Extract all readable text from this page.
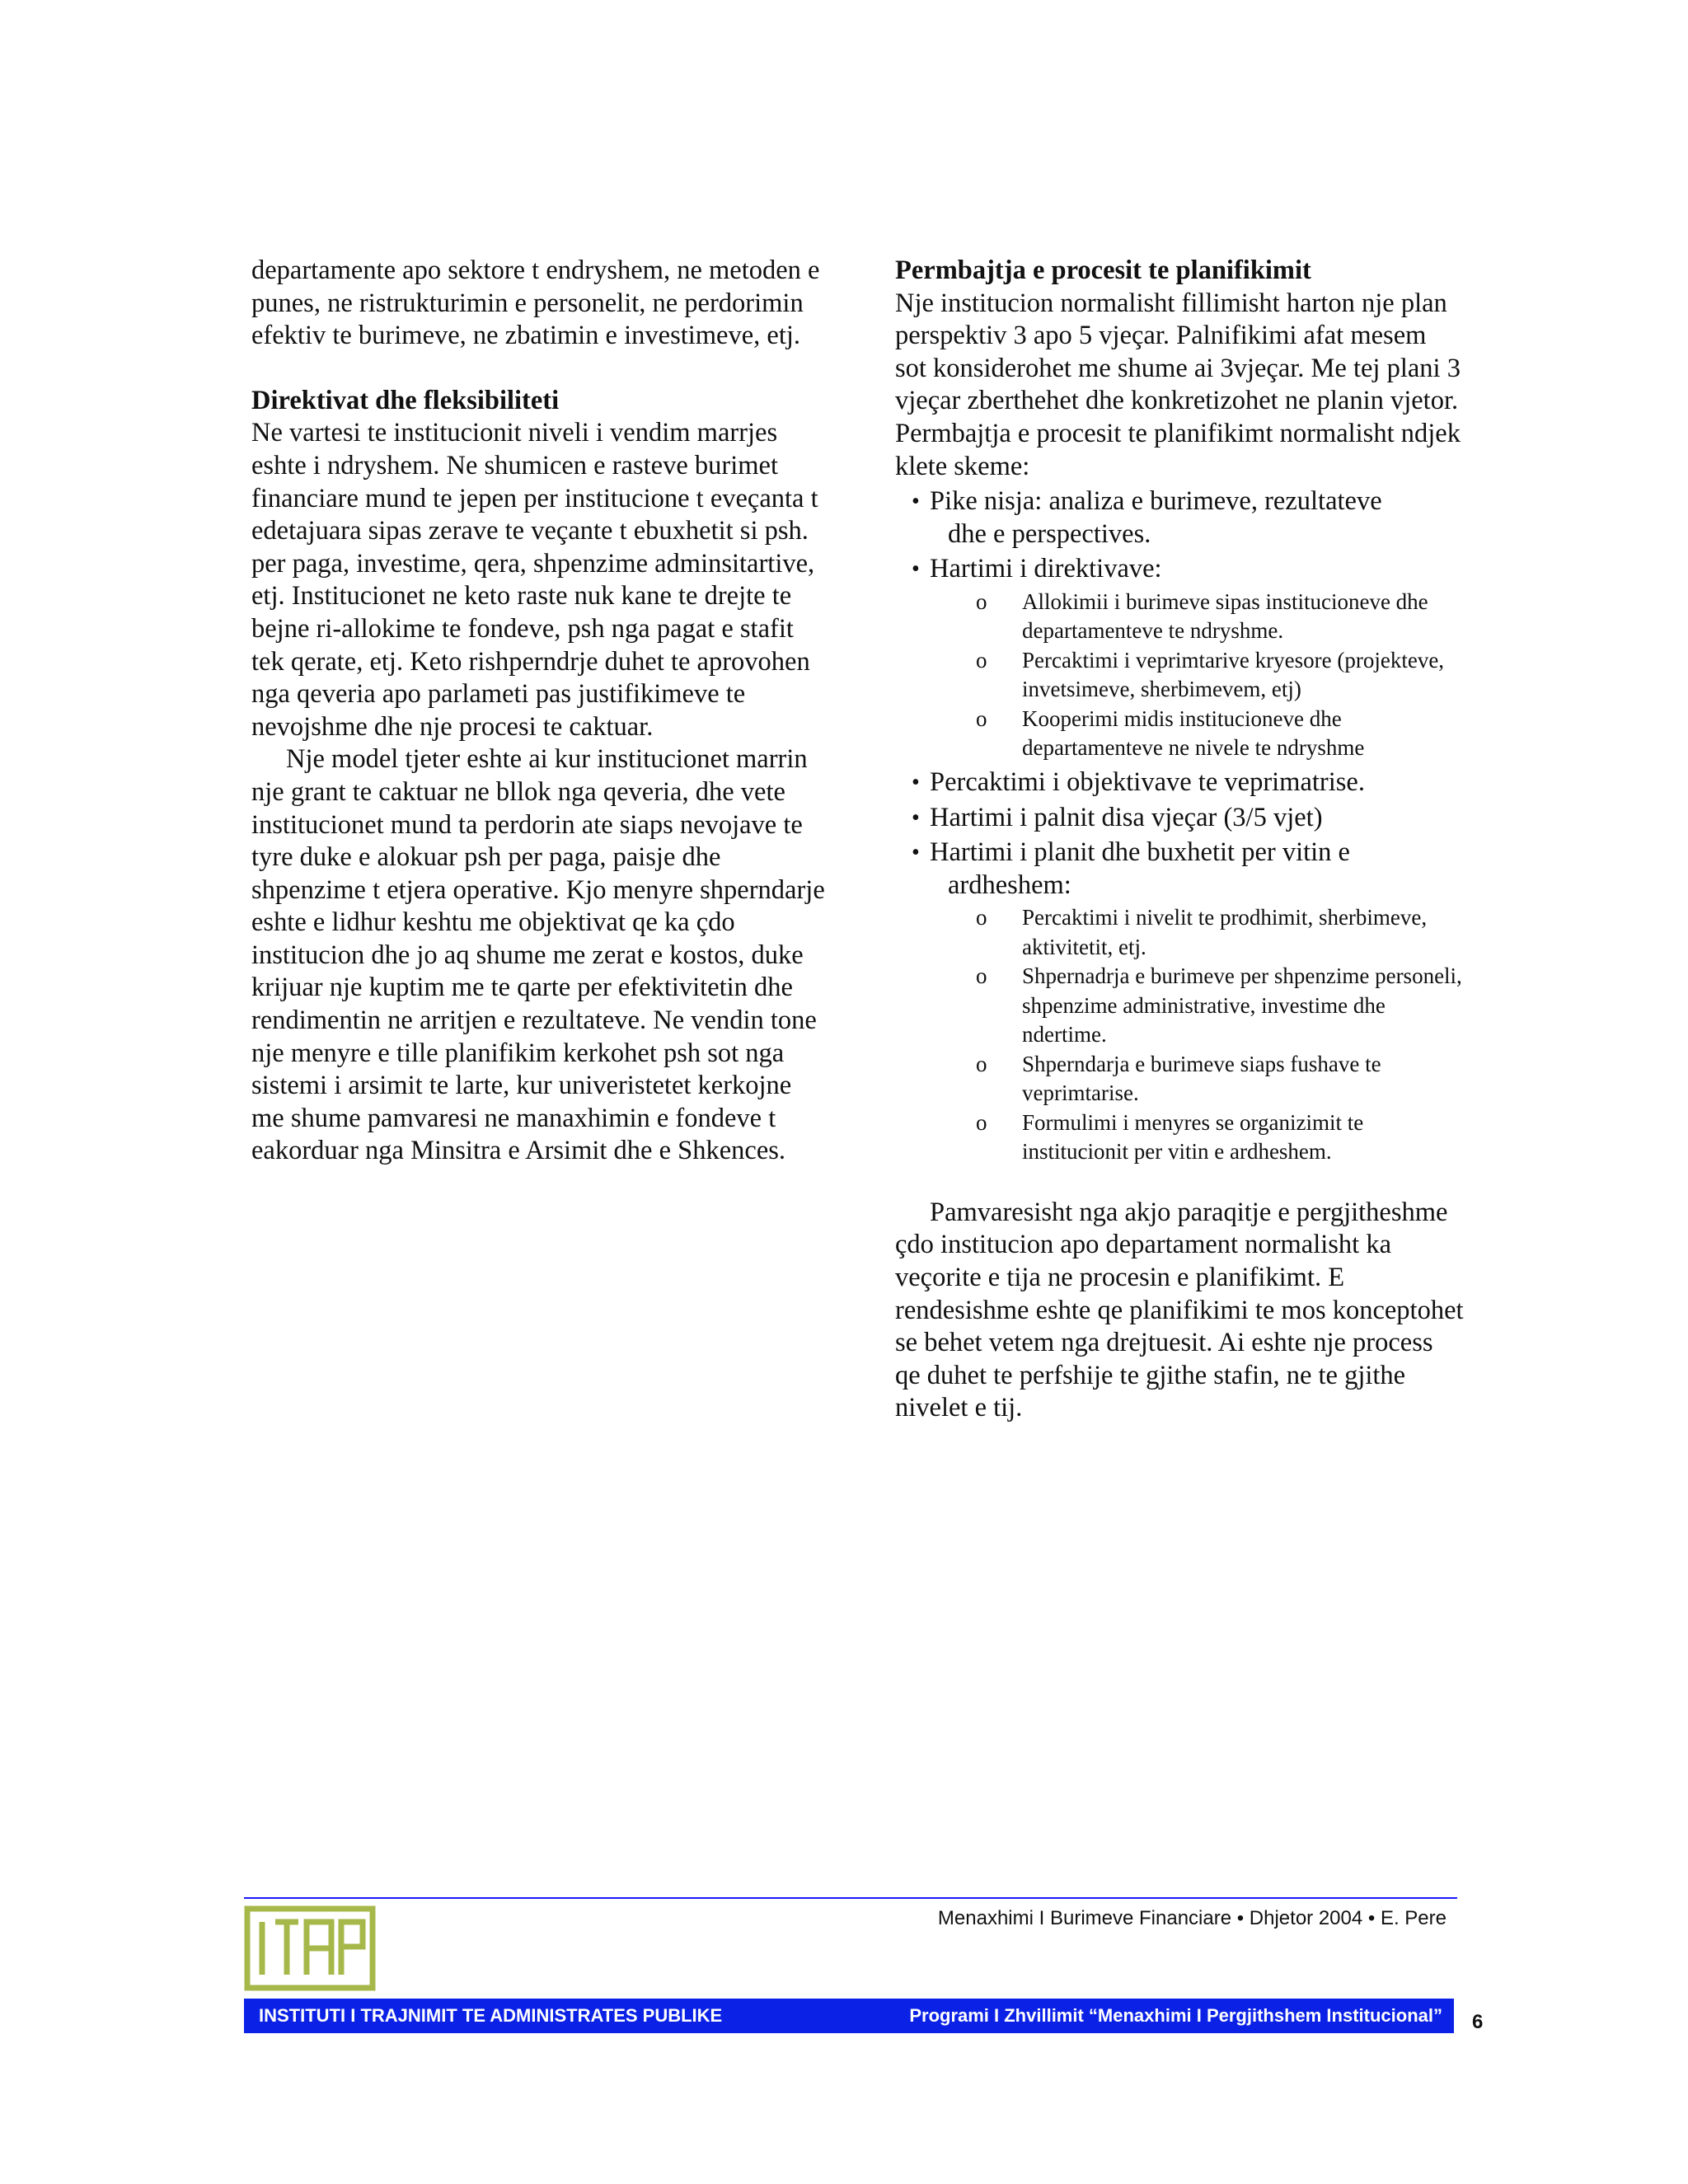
departamente apo sektore t endryshem, ne metoden e punes, ne ristrukturimin e personelit, ne perdorimin efektiv te burimeve, ne zbatimin e investimeve, etj.

Direktivat dhe fleksibiliteti

Ne vartesi te institucionit niveli i vendim marrjes eshte i ndryshem. Ne shumicen e rasteve burimet financiare mund te jepen per institucione t eveçanta t edetajuara sipas zerave te veçante t ebuxhetit si psh. per paga, investime, qera, shpenzime adminsitartive, etj. Institucionet ne keto raste nuk kane te drejte te bejne ri-allokime te fondeve, psh nga pagat e stafit tek qerate, etj. Keto rishperndrje duhet te aprovohen nga qeveria apo parlameti pas justifikimeve te nevojshme dhe nje procesi te caktuar.

Nje model tjeter eshte ai kur institucionet marrin nje grant te caktuar ne bllok nga qeveria, dhe vete institucionet mund ta perdorin ate siaps nevojave te tyre duke e alokuar psh per paga, paisje dhe shpenzime t etjera operative. Kjo menyre shperndаrje eshte e lidhur keshtu me objektivat qe ka çdo institucion dhe jo aq shume me zerat e kostos, duke krijuar nje kuptim me te qarte per efektivitetin dhe rendimentin ne arritjen e rezultateve. Ne vendin tone nje menyre e tille planifikim kerkohet psh sot nga sistemi i arsimit te larte, kur univeristetet kerkojne me shume pamvaresi ne manaxhimin e fondeve t eakorduar nga Minsitra e Arsimit dhe e Shkences.

Permbajtja e procesit te planifikimit

Nje institucion normalisht fillimisht harton nje plan perspektiv 3 apo 5 vjeçar. Palnifikimi afat mesem sot konsiderohet me shume ai 3vjeçar. Me tej plani 3 vjeçar zberthehet dhe konkretizohet ne planin vjetor. Permbajtja e procesit te planifikimt normalisht ndjek klete skeme:

• Pike nisja: analiza e burimeve, rezultateve
dhe e perspectives.
• Hartimi i direktivave:
o Allokimii i burimeve sipas institucioneve dhe departamenteve te ndryshme.
o Percaktimi i veprimtarive kryesore (projekteve, invetsimeve, sherbimevem, etj)
o Kooperimi midis institucioneve dhe departamenteve ne nivele te ndryshme
• Percaktimi i objektivave te veprimatrise.
• Hartimi i palnit disa vjeçar (3/5 vjet)
• Hartimi i planit dhe buxhetit per vitin e
ardheshem:
o Percaktimi i nivelit te prodhimit, sherbimeve, aktivitetit, etj.
o Shpernadrja e burimeve per shpenzime personeli, shpenzime administrative, investime dhe ndertime.
o Shperndarja e burimeve siaps fushave te veprimtarise.
o Formulimi i menyres se organizimit te institucionit per vitin e ardheshem.

Pamvaresisht nga akjo paraqitje e pergjitheshme çdo institucion apo departament normalisht ka veçorite e tija ne procesin e planifikimt. E rendesishme eshte qe planifikimi te mos konceptohet se behet vetem nga drejtuesit. Ai eshte nje process qe duhet te perfshije te gjithe stafin, ne te gjithe nivelet e tij.

Menaxhimi I Burimeve Financiare • Dhjetor 2004 • E. Pere
INSTITUTI I TRAJNIMIT TE ADMINISTRATES PUBLIKE	Programi I Zhvillimit “Menaxhimi I Pergjithshem Institucional” 6
